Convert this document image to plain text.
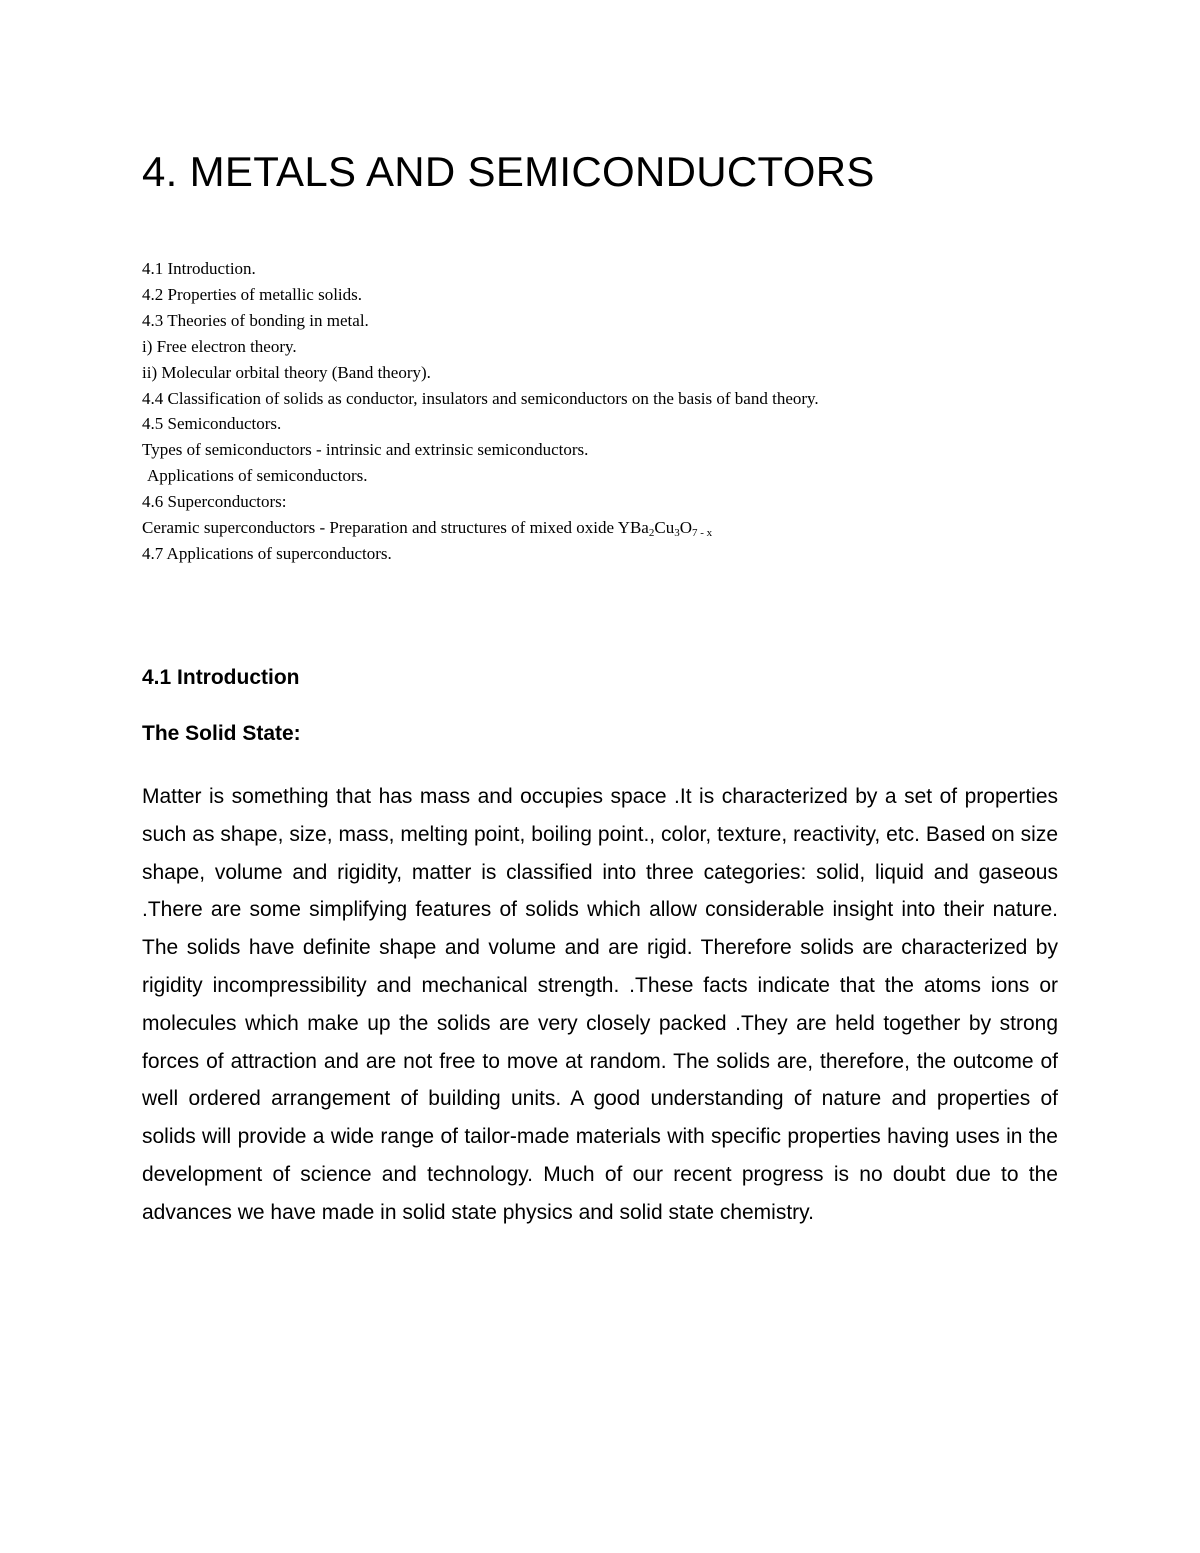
4. METALS AND SEMICONDUCTORS
4.1 Introduction.
4.2 Properties of metallic solids.
4.3 Theories of bonding in metal.
i) Free electron theory.
ii) Molecular orbital theory (Band theory).
4.4 Classification of solids as conductor, insulators and semiconductors on the basis of band theory.
4.5 Semiconductors.
Types of semiconductors - intrinsic and extrinsic semiconductors.
Applications of semiconductors.
4.6 Superconductors:
Ceramic superconductors - Preparation and structures of mixed oxide $YBa_2Cu_3O_{7 - x}$
4.7 Applications of superconductors.
4.1 Introduction
The Solid State:

Matter is something that has mass and occupies space .It is characterized by a set of properties such as shape, size, mass, melting point, boiling point., color, texture, reactivity, etc. Based on size shape, volume and rigidity, matter is classified into three categories: solid, liquid and gaseous .There are some simplifying features of solids which allow considerable insight into their nature. The solids have definite shape and volume and are rigid. Therefore solids are characterized by rigidity incompressibility and mechanical strength. .These facts indicate that the atoms ions or molecules which make up the solids are very closely packed .They are held together by strong forces of attraction and are not free to move at random. The solids are, therefore, the outcome of well ordered arrangement of building units. A good understanding of nature and properties of solids will provide a wide range of tailor-made materials with specific properties having uses in the development of science and technology. Much of our recent progress is no doubt due to the advances we have made in solid state physics and solid state chemistry.
